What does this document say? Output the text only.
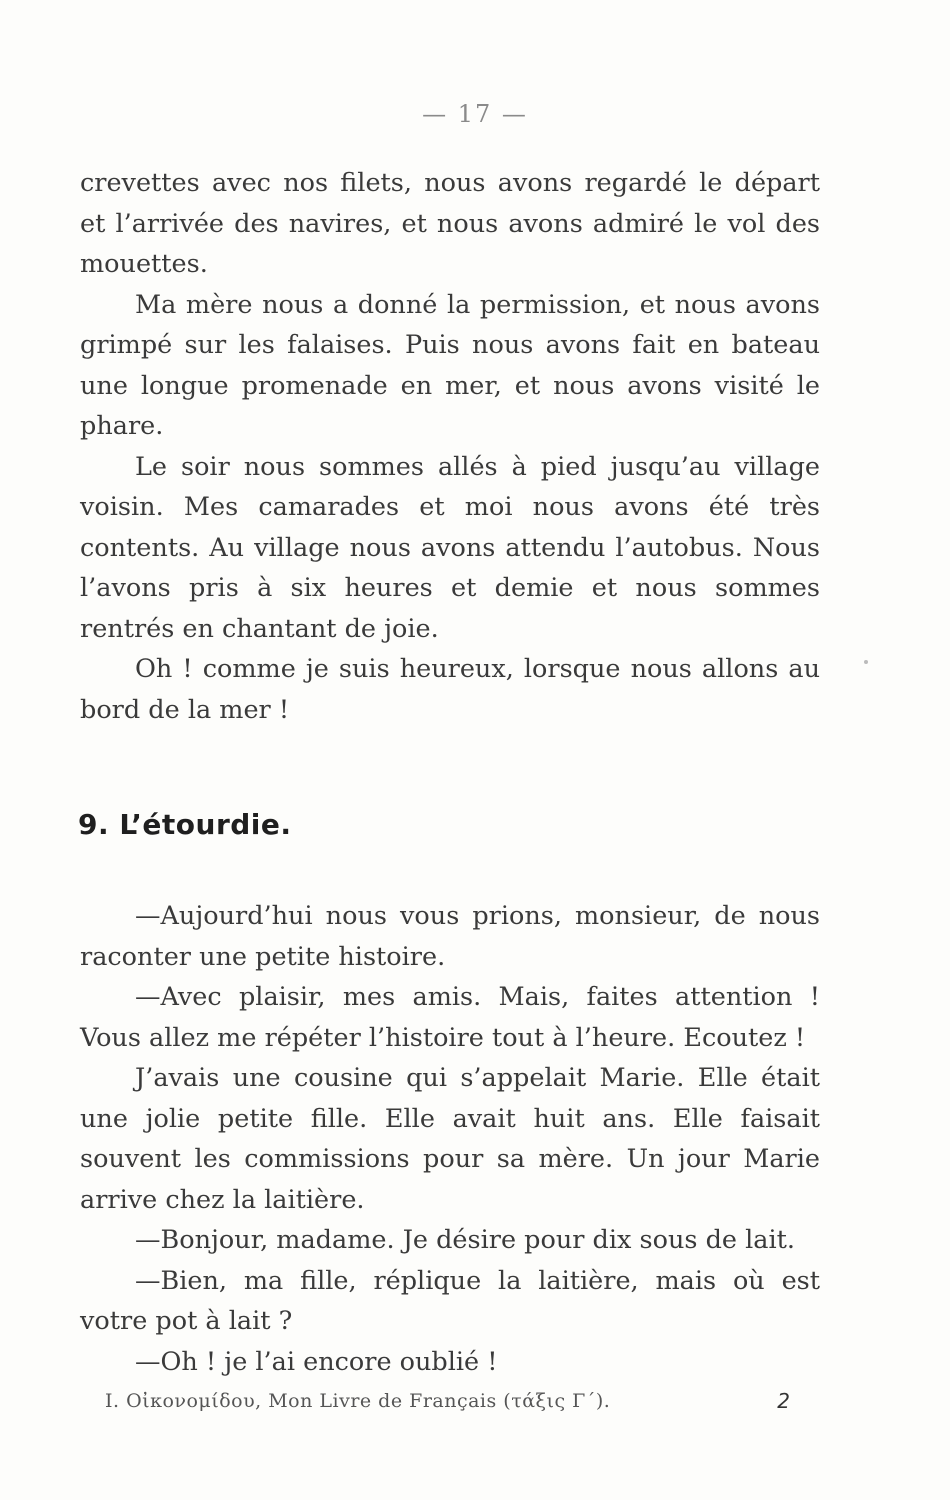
— 17 —

crevettes avec nos filets, nous avons regardé le départ et l’arrivée des navires, et nous avons admiré le vol des mouettes.

Ma mère nous a donné la permission, et nous avons grimpé sur les falaises. Puis nous avons fait en bateau une longue promenade en mer, et nous avons visité le phare.

Le soir nous sommes allés à pied jusqu’au village voisin. Mes camarades et moi nous avons été très contents. Au village nous avons attendu l’autobus. Nous l’avons pris à six heures et demie et nous sommes rentrés en chantant de joie.

Oh ! comme je suis heureux, lorsque nous allons au bord de la mer !

9. L’étourdie.

—Aujourd’hui nous vous prions, monsieur, de nous raconter une petite histoire.

—Avec plaisir, mes amis. Mais, faites attention ! Vous allez me répéter l’histoire tout à l’heure. Ecoutez !

J’avais une cousine qui s’appelait Marie. Elle était une jolie petite fille. Elle avait huit ans. Elle faisait souvent les commissions pour sa mère. Un jour Marie arrive chez la laitière.

—Bonjour, madame. Je désire pour dix sous de lait.

—Bien, ma fille, réplique la laitière, mais où est votre pot à lait ?

—Oh ! je l’ai encore oublié !

I. Οἰκονομίδου, Mon Livre de Français (τάξις Γ΄).	2
